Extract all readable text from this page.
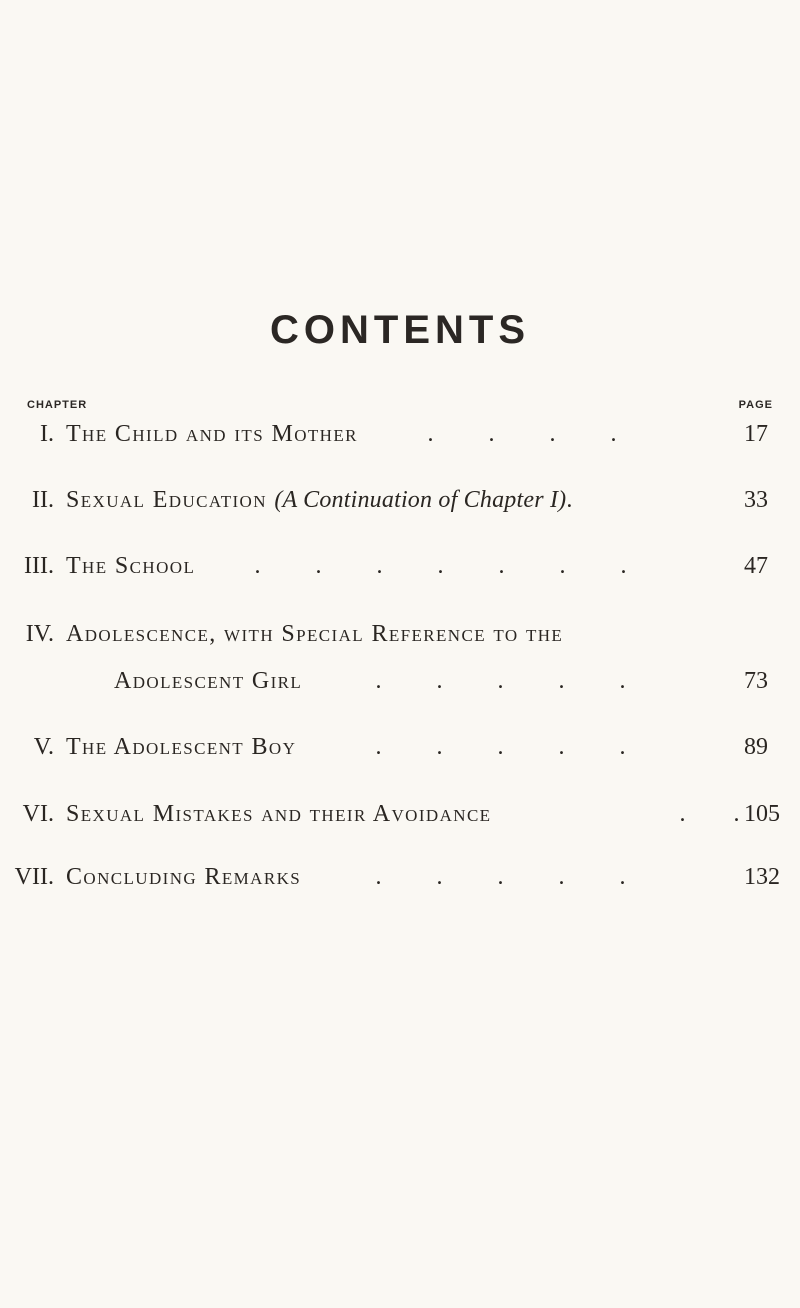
CONTENTS
CHAPTER	PAGE
I. The Child and its Mother	. . . .	17
II. Sexual Education (A Continuation of Chapter I).	33
III. The School	. . . . . . .	47
IV. Adolescence, with Special Reference to the
Adolescent Girl	. . . . .	73
V. The Adolescent Boy	. . . . .	89
VI. Sexual Mistakes and their Avoidance	.	. 105
VII. Concluding Remarks	. . . . .	132
